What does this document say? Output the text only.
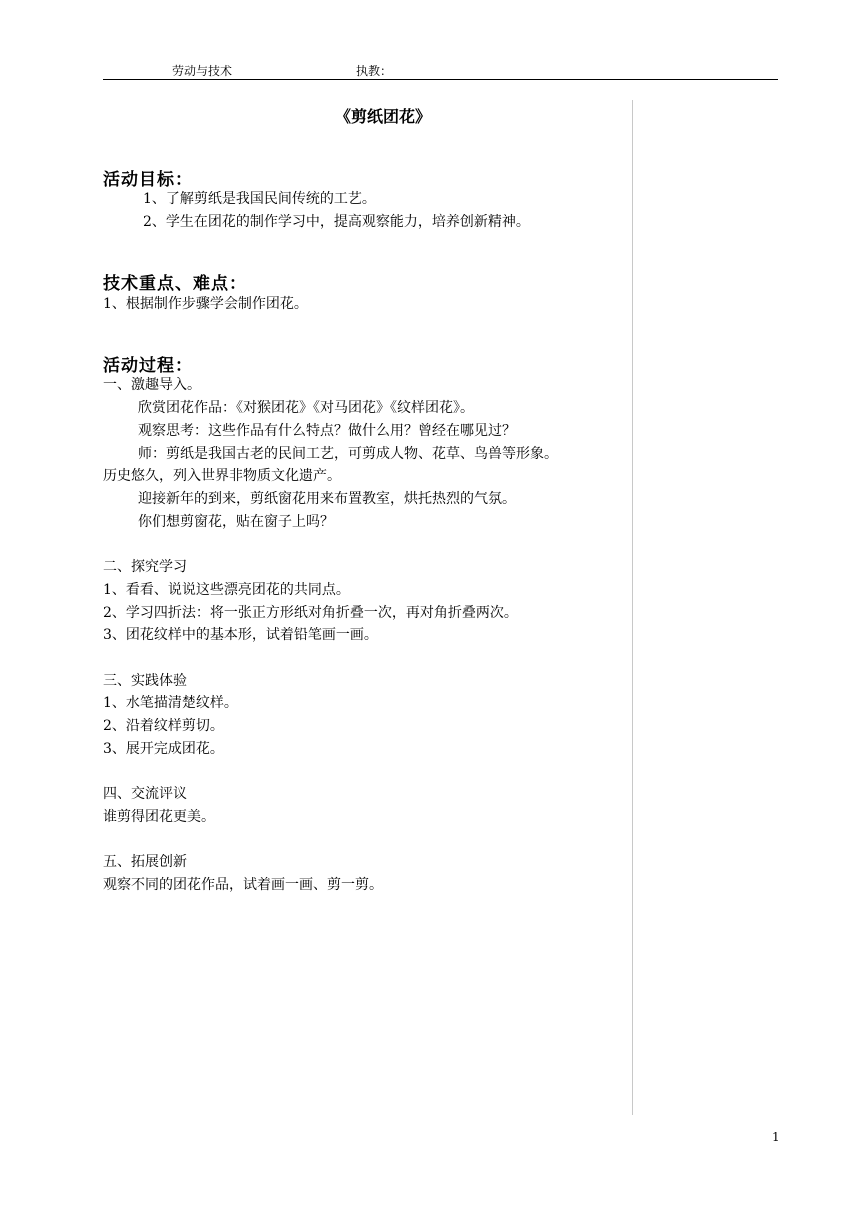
劳动与技术	执教：
《剪纸团花》
活动目标：
1、了解剪纸是我国民间传统的工艺。
2、学生在团花的制作学习中，提高观察能力，培养创新精神。
技术重点、难点：
1、根据制作步骤学会制作团花。
活动过程：
一、激趣导入。
欣赏团花作品：《对猴团花》《对马团花》《纹样团花》。
观察思考：这些作品有什么特点？做什么用？曾经在哪见过？
师：剪纸是我国古老的民间工艺，可剪成人物、花草、鸟兽等形象。
历史悠久，列入世界非物质文化遗产。
迎接新年的到来，剪纸窗花用来布置教室，烘托热烈的气氛。
你们想剪窗花，贴在窗子上吗？
二、探究学习
1、看看、说说这些漂亮团花的共同点。
2、学习四折法：将一张正方形纸对角折叠一次，再对角折叠两次。
3、团花纹样中的基本形，试着铅笔画一画。
三、实践体验
1、水笔描清楚纹样。
2、沿着纹样剪切。
3、展开完成团花。
四、交流评议
谁剪得团花更美。
五、拓展创新
观察不同的团花作品，试着画一画、剪一剪。
1
